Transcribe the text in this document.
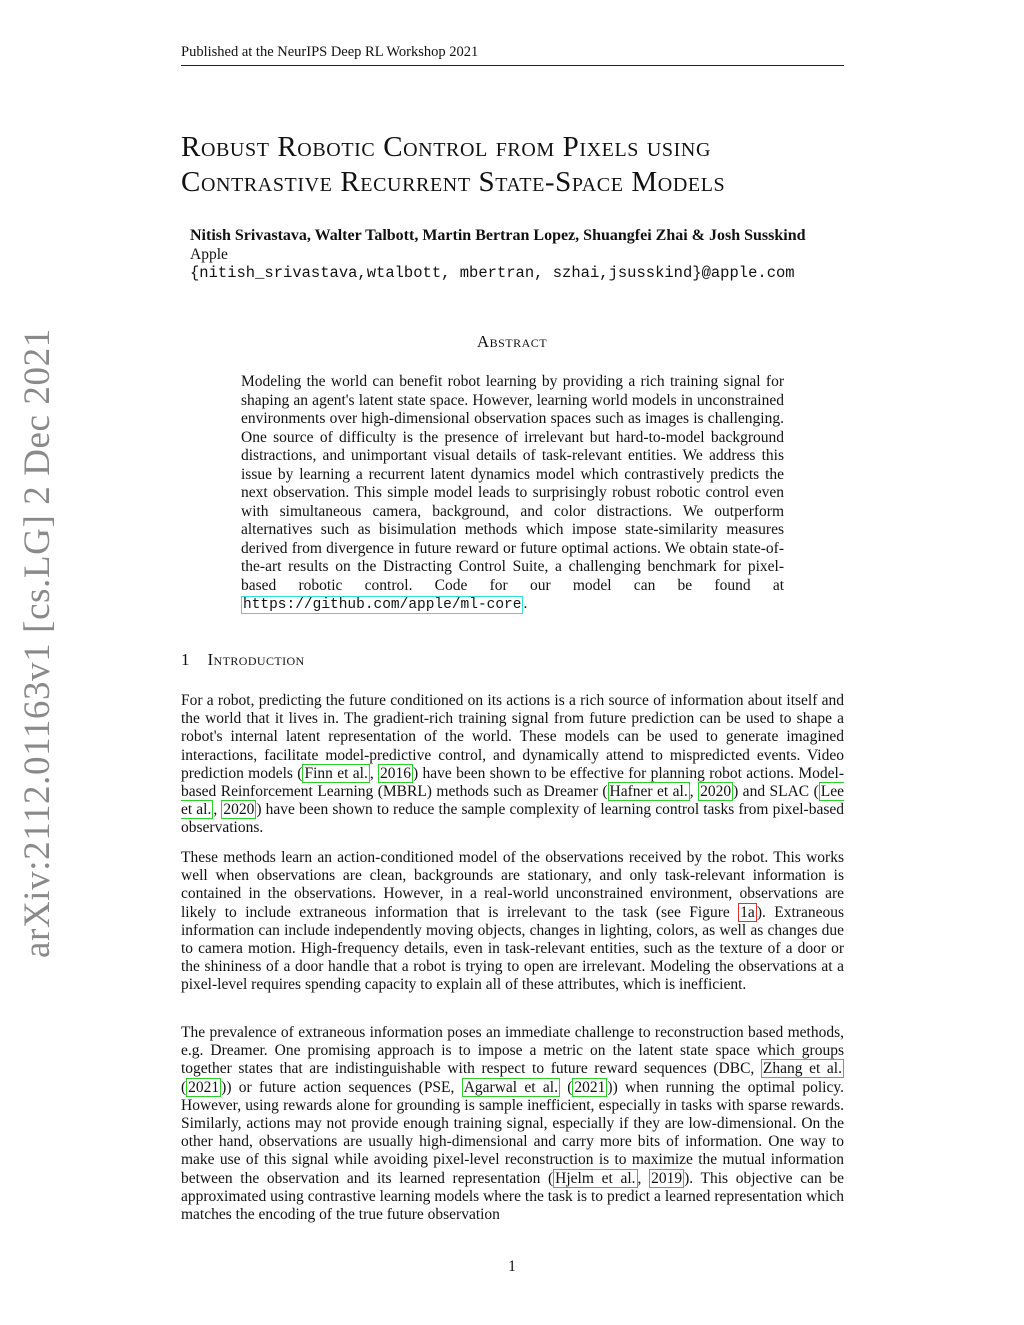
Published at the NeurIPS Deep RL Workshop 2021
Robust Robotic Control from Pixels using
Contrastive Recurrent State-Space Models
Nitish Srivastava, Walter Talbott, Martin Bertran Lopez, Shuangfei Zhai & Josh Susskind
Apple
{nitish_srivastava,wtalbott, mbertran, szhai,jsusskind}@apple.com
Abstract
Modeling the world can benefit robot learning by providing a rich training signal for shaping an agent's latent state space. However, learning world models in unconstrained environments over high-dimensional observation spaces such as images is challenging. One source of difficulty is the presence of irrelevant but hard-to-model background distractions, and unimportant visual details of task-relevant entities. We address this issue by learning a recurrent latent dynamics model which contrastively predicts the next observation. This simple model leads to surprisingly robust robotic control even with simultaneous camera, background, and color distractions. We outperform alternatives such as bisimulation methods which impose state-similarity measures derived from divergence in future reward or future optimal actions. We obtain state-of-the-art results on the Distracting Control Suite, a challenging benchmark for pixel-based robotic control. Code for our model can be found at https://github.com/apple/ml-core .
1 Introduction
For a robot, predicting the future conditioned on its actions is a rich source of information about itself and the world that it lives in. The gradient-rich training signal from future prediction can be used to shape a robot's internal latent representation of the world. These models can be used to generate imagined interactions, facilitate model-predictive control, and dynamically attend to mispredicted events. Video prediction models ( Finn et al. , 2016 ) have been shown to be effective for planning robot actions. Model-based Reinforcement Learning (MBRL) methods such as Dreamer ( Hafner et al. , 2020 ) and SLAC ( Lee et al. , 2020 ) have been shown to reduce the sample complexity of learning control tasks from pixel-based observations.
These methods learn an action-conditioned model of the observations received by the robot. This works well when observations are clean, backgrounds are stationary, and only task-relevant information is contained in the observations. However, in a real-world unconstrained environment, observations are likely to include extraneous information that is irrelevant to the task (see Figure 1a ). Extraneous information can include independently moving objects, changes in lighting, colors, as well as changes due to camera motion. High-frequency details, even in task-relevant entities, such as the texture of a door or the shininess of a door handle that a robot is trying to open are irrelevant. Modeling the observations at a pixel-level requires spending capacity to explain all of these attributes, which is inefficient.
The prevalence of extraneous information poses an immediate challenge to reconstruction based methods, e.g. Dreamer. One promising approach is to impose a metric on the latent state space which groups together states that are indistinguishable with respect to future reward sequences (DBC, Zhang et al. ( 2021 )) or future action sequences (PSE, Agarwal et al. ( 2021 )) when running the optimal policy. However, using rewards alone for grounding is sample inefficient, especially in tasks with sparse rewards. Similarly, actions may not provide enough training signal, especially if they are low-dimensional. On the other hand, observations are usually high-dimensional and carry more bits of information. One way to make use of this signal while avoiding pixel-level reconstruction is to maximize the mutual information between the observation and its learned representation ( Hjelm et al. , 2019 ). This objective can be approximated using contrastive learning models where the task is to predict a learned representation which matches the encoding of the true future observation
1
arXiv:2112.01163v1 [cs.LG] 2 Dec 2021
